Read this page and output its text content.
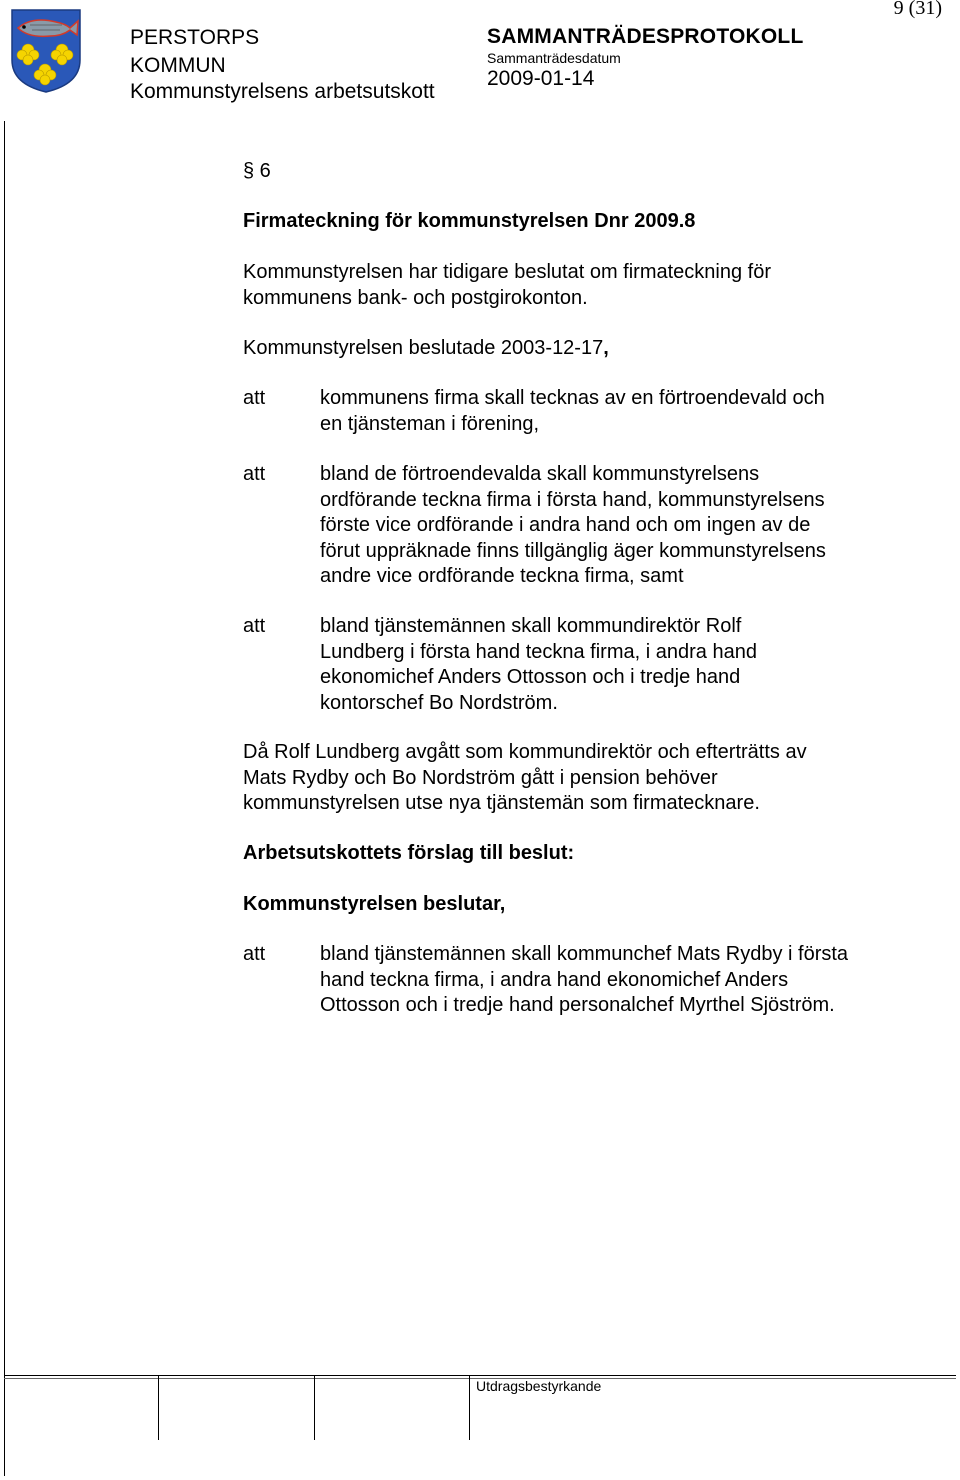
PERSTORPS
KOMMUN
Kommunstyrelsens arbetsutskott
SAMMANTRÄDESPROTOKOLL
Sammanträdesdatum
2009-01-14
9 (31)
§ 6
Firmateckning för kommunstyrelsen Dnr 2009.8
Kommunstyrelsen har tidigare beslutat om firmateckning för
kommunens bank- och postgirokonton.
Kommunstyrelsen beslutade 2003-12-17,
att	kommunens firma skall tecknas av en förtroendevald och
en tjänsteman i förening,
att	bland de förtroendevalda skall kommunstyrelsens
ordförande teckna firma i första hand, kommunstyrelsens
förste vice ordförande i andra hand och om ingen av de
förut uppräknade finns tillgänglig äger kommunstyrelsens
andre vice ordförande teckna firma, samt
att	bland tjänstemännen skall kommundirektör Rolf
Lundberg i första hand teckna firma, i andra hand
ekonomichef Anders Ottosson och i tredje hand
kontorschef Bo Nordström.
Då Rolf Lundberg avgått som kommundirektör och efterträtts av
Mats Rydby och Bo Nordström gått i pension behöver
kommunstyrelsen utse nya tjänstemän som firmatecknare.
Arbetsutskottets förslag till beslut:
Kommunstyrelsen beslutar,
att	bland tjänstemännen skall kommunchef Mats Rydby i första
hand teckna firma, i andra hand ekonomichef Anders
Ottosson och i tredje hand personalchef Myrthel Sjöström.
Utdragsbestyrkande
